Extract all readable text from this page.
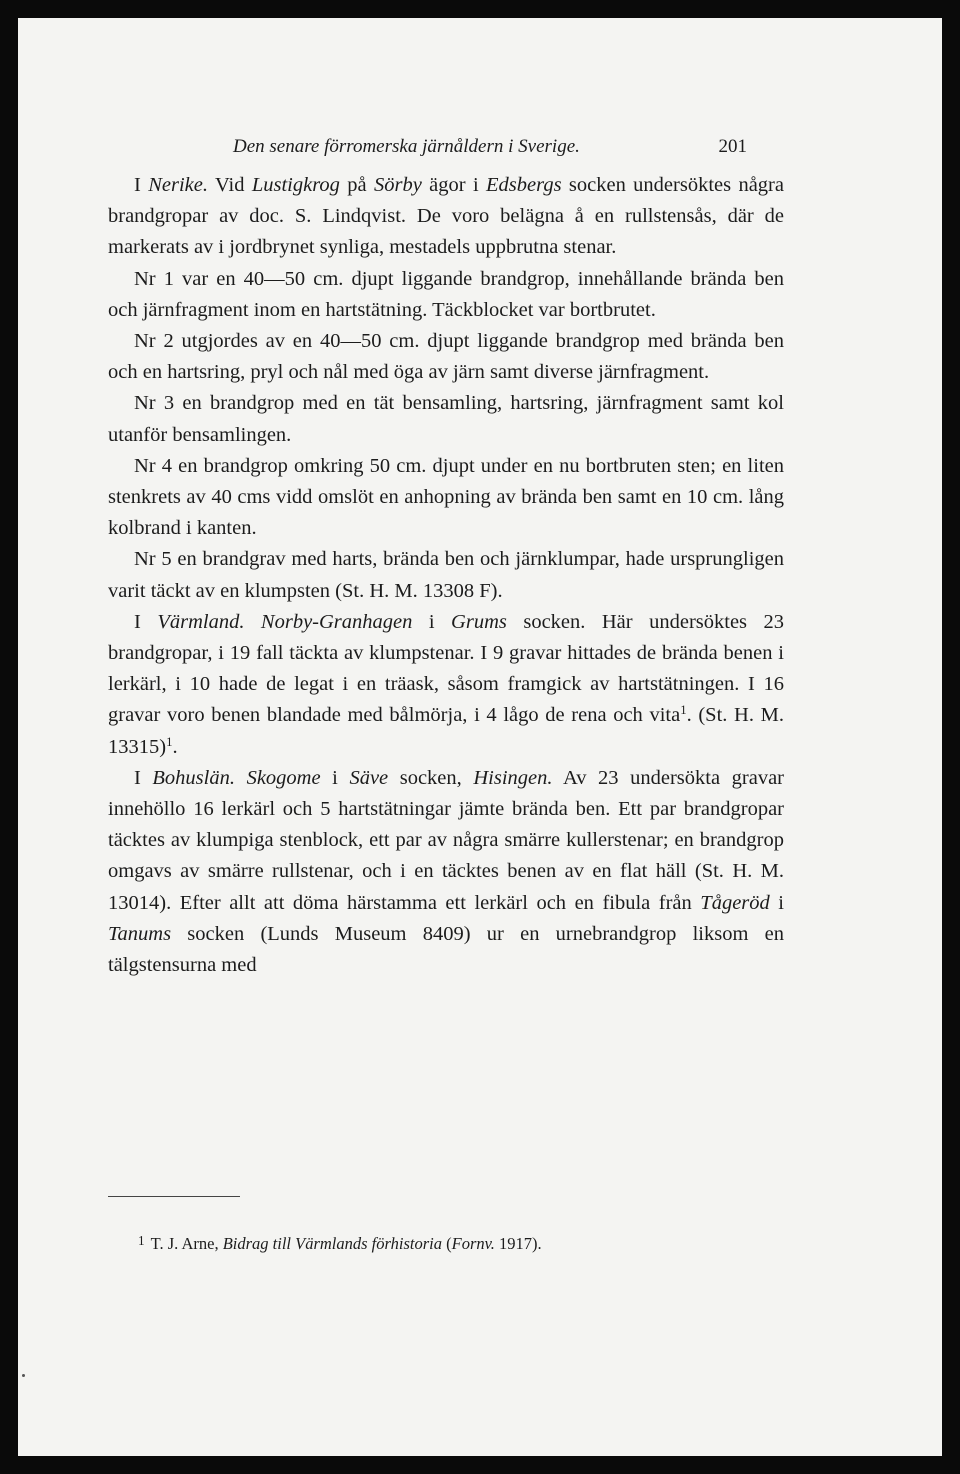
Den senare förromerska järnåldern i Sverige.	201

I Nerike. Vid Lustigkrog på Sörby ägor i Edsbergs socken undersöktes några brandgropar av doc. S. Lindqvist. De voro belägna å en rullstensås, där de markerats av i jordbrynet synliga, mestadels uppbrutna stenar.

Nr 1 var en 40—50 cm. djupt liggande brandgrop, innehållande brända ben och järnfragment inom en hartstätning. Täckblocket var bortbrutet.

Nr 2 utgjordes av en 40—50 cm. djupt liggande brandgrop med brända ben och en hartsring, pryl och nål med öga av järn samt diverse järnfragment.

Nr 3 en brandgrop med en tät bensamling, hartsring, järnfragment samt kol utanför bensamlingen.

Nr 4 en brandgrop omkring 50 cm. djupt under en nu bortbruten sten; en liten stenkrets av 40 cms vidd omslöt en anhopning av brända ben samt en 10 cm. lång kolbrand i kanten.

Nr 5 en brandgrav med harts, brända ben och järnklumpar, hade ursprungligen varit täckt av en klumpsten (St. H. M. 13308 F).

I Värmland. Norby-Granhagen i Grums socken. Här undersöktes 23 brandgropar, i 19 fall täckta av klumpstenar. I 9 gravar hittades de brända benen i lerkärl, i 10 hade de legat i en träask, såsom framgick av hartstätningen. I 16 gravar voro benen blandade med bålmörja, i 4 lågo de rena och vita$^1$. (St. H. M. 13315)$^1$.

I Bohuslän. Skogome i Säve socken, Hisingen. Av 23 undersökta gravar innehöllo 16 lerkärl och 5 hartstätningar jämte brända ben. Ett par brandgropar täcktes av klumpiga stenblock, ett par av några smärre kullerstenar; en brandgrop omgavs av smärre rullstenar, och i en täcktes benen av en flat häll (St. H. M. 13014). Efter allt att döma härstamma ett lerkärl och en fibula från Tågeröd i Tanums socken (Lunds Museum 8409) ur en urnebrandgrop liksom en tälgstensurna med

$^1$ T. J. Arne, Bidrag till Värmlands förhistoria (Fornv. 1917).
